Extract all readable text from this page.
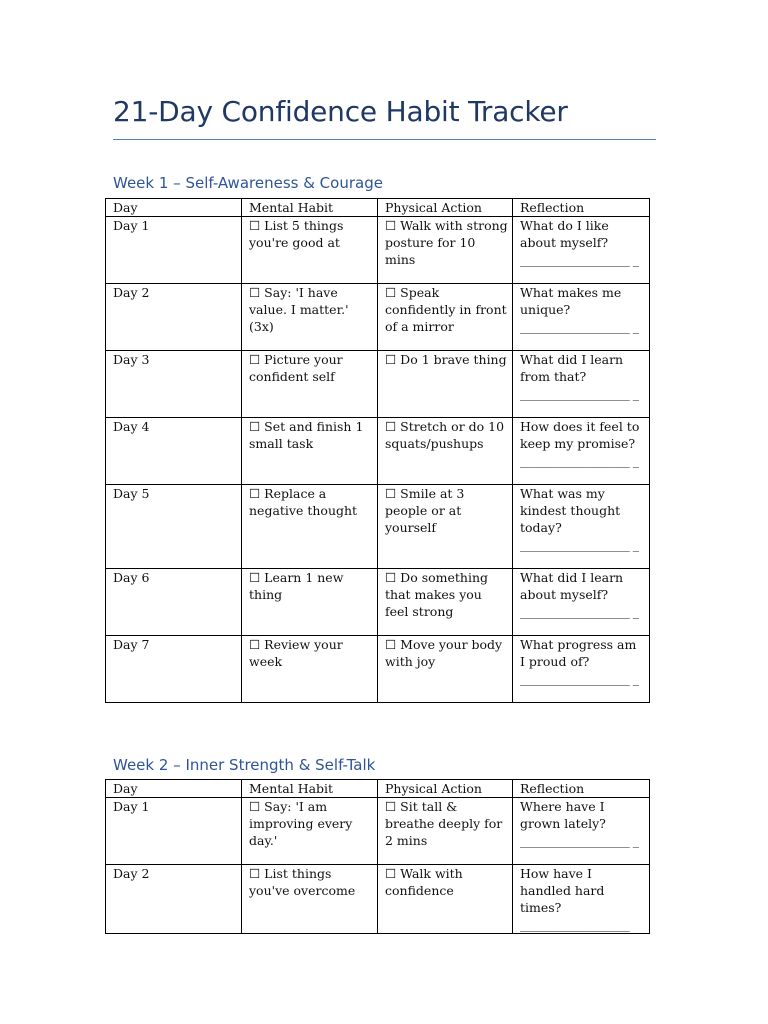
21-Day Confidence Habit Tracker
Week 1 – Self-Awareness & Courage
Day	Mental Habit	Physical Action	Reflection

Day 1	☐ List 5 things you're good at	☐ Walk with strong posture for 10 mins	What do I like about myself?
___________________ _

Day 2	☐ Say: 'I have value. I matter.' (3x)	☐ Speak confidently in front of a mirror	What makes me unique?
___________________ _

Day 3	☐ Picture your confident self	☐ Do 1 brave thing	What did I learn from that?
___________________ _

Day 4	☐ Set and finish 1 small task	☐ Stretch or do 10 squats/pushups	How does it feel to keep my promise?
___________________ _

Day 5	☐ Replace a negative thought	☐ Smile at 3 people or at yourself	What was my kindest thought today?
___________________ _

Day 6	☐ Learn 1 new thing	☐ Do something that makes you feel strong	What did I learn about myself?
___________________ _

Day 7	☐ Review your week	☐ Move your body with joy	What progress am I proud of?
___________________ _
Week 2 – Inner Strength & Self-Talk
Day	Mental Habit	Physical Action	Reflection

Day 1	☐ Say: 'I am improving every day.'	☐ Sit tall & breathe deeply for 2 mins	Where have I grown lately?
___________________ _

Day 2	☐ List things you've overcome	☐ Walk with confidence	How have I handled hard times?
___________________
